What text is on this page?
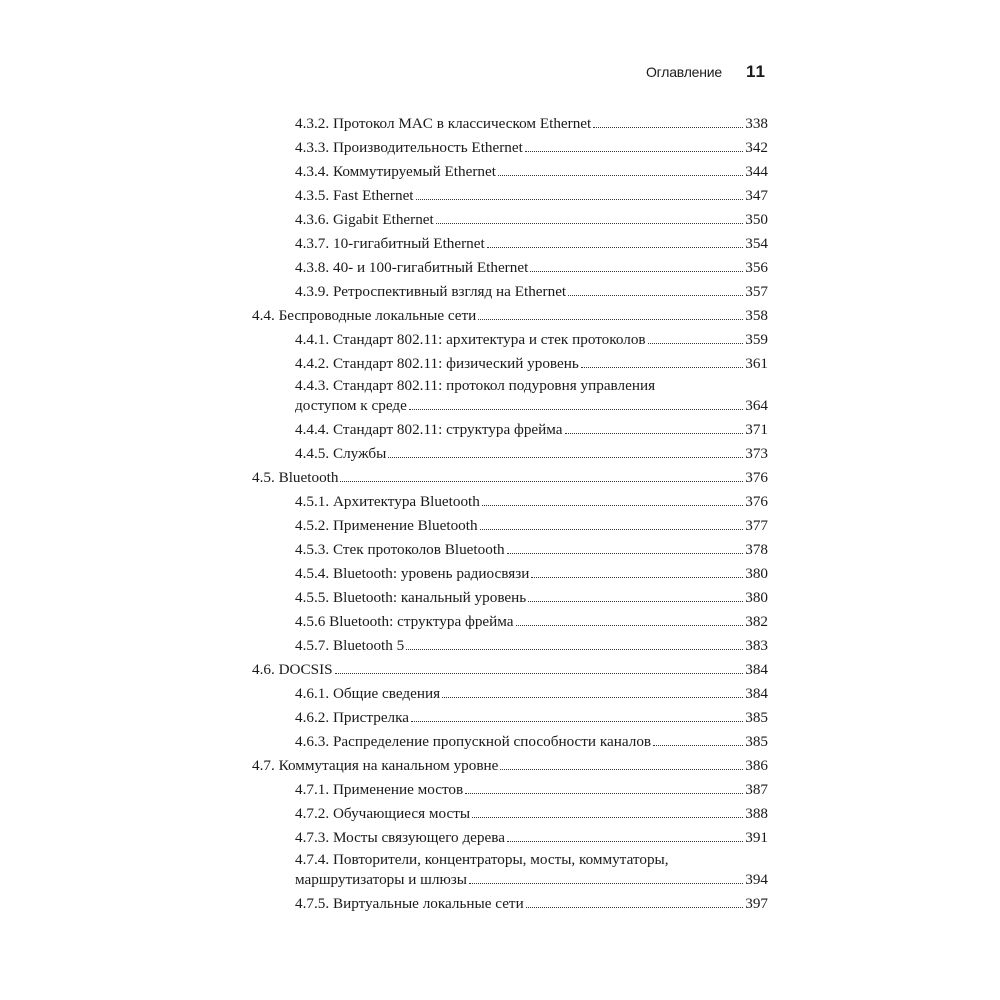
Оглавление 11
4.3.2. Протокол MAC в классическом Ethernet	338
4.3.3. Производительность Ethernet	342
4.3.4. Коммутируемый Ethernet	344
4.3.5. Fast Ethernet	347
4.3.6. Gigabit Ethernet	350
4.3.7. 10-гигабитный Ethernet	354
4.3.8. 40- и 100-гигабитный Ethernet	356
4.3.9. Ретроспективный взгляд на Ethernet	357
4.4. Беспроводные локальные сети	358
4.4.1. Стандарт 802.11: архитектура и стек протоколов	359
4.4.2. Стандарт 802.11: физический уровень	361
4.4.3. Стандарт 802.11: протокол подуровня управления
доступом к среде	364
4.4.4. Стандарт 802.11: структура фрейма	371
4.4.5. Службы	373
4.5. Bluetooth	376
4.5.1. Архитектура Bluetooth	376
4.5.2. Применение Bluetooth	377
4.5.3. Стек протоколов Bluetooth	378
4.5.4. Bluetooth: уровень радиосвязи	380
4.5.5. Bluetooth: канальный уровень	380
4.5.6 Bluetooth: структура фрейма	382
4.5.7. Bluetooth 5	383
4.6. DOCSIS	384
4.6.1. Общие сведения	384
4.6.2. Пристрелка	385
4.6.3. Распределение пропускной способности каналов	385
4.7. Коммутация на канальном уровне	386
4.7.1. Применение мостов	387
4.7.2. Обучающиеся мосты	388
4.7.3. Мосты связующего дерева	391
4.7.4. Повторители, концентраторы, мосты, коммутаторы,
маршрутизаторы и шлюзы	394
4.7.5. Виртуальные локальные сети	397
